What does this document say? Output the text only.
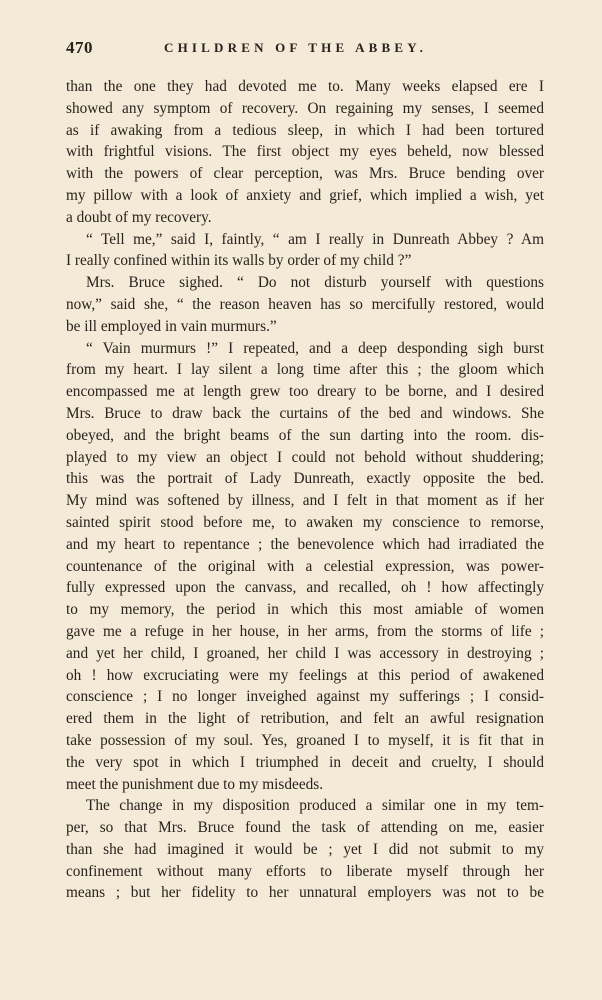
470	CHILDREN OF THE ABBEY.
than the one they had devoted me to. Many weeks elapsed ere I
showed any symptom of recovery. On regaining my senses, I seemed
as if awaking from a tedious sleep, in which I had been tortured
with frightful visions. The first object my eyes beheld, now blessed
with the powers of clear perception, was Mrs. Bruce bending over
my pillow with a look of anxiety and grief, which implied a wish, yet
a doubt of my recovery.
“ Tell me,” said I, faintly, “ am I really in Dunreath Abbey ? Am
I really confined within its walls by order of my child ?”
Mrs. Bruce sighed. “ Do not disturb yourself with questions
now,” said she, “ the reason heaven has so mercifully restored, would
be ill employed in vain murmurs.”
“ Vain murmurs !” I repeated, and a deep desponding sigh burst
from my heart. I lay silent a long time after this ; the gloom which
encompassed me at length grew too dreary to be borne, and I desired
Mrs. Bruce to draw back the curtains of the bed and windows. She
obeyed, and the bright beams of the sun darting into the room. dis-
played to my view an object I could not behold without shuddering;
this was the portrait of Lady Dunreath, exactly opposite the bed.
My mind was softened by illness, and I felt in that moment as if her
sainted spirit stood before me, to awaken my conscience to remorse,
and my heart to repentance ; the benevolence which had irradiated the
countenance of the original with a celestial expression, was power-
fully expressed upon the canvass, and recalled, oh ! how affectingly
to my memory, the period in which this most amiable of women
gave me a refuge in her house, in her arms, from the storms of life ;
and yet her child, I groaned, her child I was accessory in destroying ;
oh ! how excruciating were my feelings at this period of awakened
conscience ; I no longer inveighed against my sufferings ; I consid-
ered them in the light of retribution, and felt an awful resignation
take possession of my soul. Yes, groaned I to myself, it is fit that in
the very spot in which I triumphed in deceit and cruelty, I should
meet the punishment due to my misdeeds.
The change in my disposition produced a similar one in my tem-
per, so that Mrs. Bruce found the task of attending on me, easier
than she had imagined it would be ; yet I did not submit to my
confinement without many efforts to liberate myself through her
means ; but her fidelity to her unnatural employers was not to be
